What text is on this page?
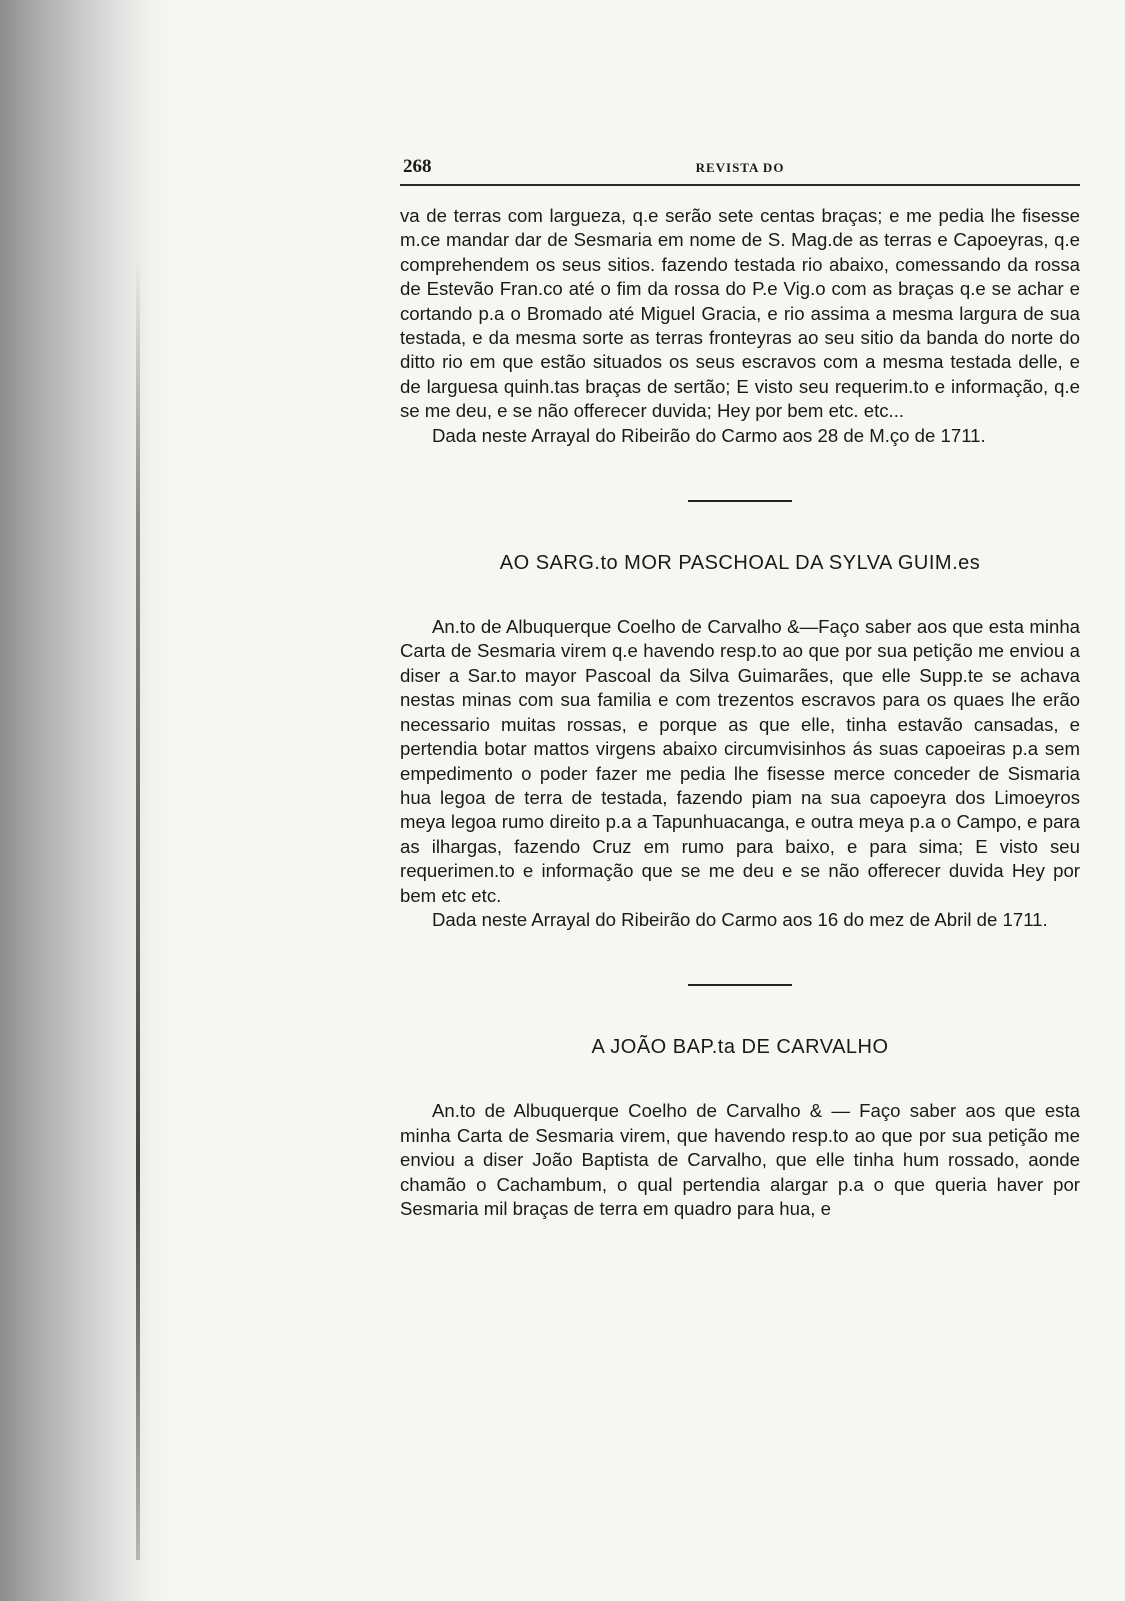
268	REVISTA DO

va de terras com largueza, q.e serão sete centas braças; e me pedia lhe fisesse m.ce mandar dar de Sesmaria em nome de S. Mag.de as terras e Capoeyras, q.e comprehendem os seus sitios. fazendo testada rio abaixo, comessando da rossa de Estevão Fran.co até o fim da rossa do P.e Vig.o com as braças q.e se achar e cortando p.a o Bromado até Miguel Gracia, e rio assima a mesma largura de sua testada, e da mesma sorte as terras fronteyras ao seu sitio da banda do norte do ditto rio em que estão situados os seus escravos com a mesma testada delle, e de larguesa quinh.tas braças de sertão; E visto seu requerim.to e informação, q.e se me deu, e se não offerecer duvida; Hey por bem etc. etc...

Dada neste Arrayal do Ribeirão do Carmo aos 28 de M.ço de 1711.

AO SARG.to MOR PASCHOAL DA SYLVA GUIM.es

An.to de Albuquerque Coelho de Carvalho &—Faço saber aos que esta minha Carta de Sesmaria virem q.e havendo resp.to ao que por sua petição me enviou a diser a Sar.to mayor Pascoal da Silva Guimarães, que elle Supp.te se achava nestas minas com sua familia e com trezentos escravos para os quaes lhe erão necessario muitas rossas, e porque as que elle, tinha estavão cansadas, e pertendia botar mattos virgens abaixo circumvisinhos ás suas capoeiras p.a sem empedimento o poder fazer me pedia lhe fisesse merce conceder de Sismaria hua legoa de terra de testada, fazendo piam na sua capoeyra dos Limoeyros meya legoa rumo direito p.a a Tapunhuacanga, e outra meya p.a o Campo, e para as ilhargas, fazendo Cruz em rumo para baixo, e para sima; E visto seu requerimen.to e informação que se me deu e se não offerecer duvida Hey por bem etc etc.

Dada neste Arrayal do Ribeirão do Carmo aos 16 do mez de Abril de 1711.

A JOÃO BAP.ta DE CARVALHO

An.to de Albuquerque Coelho de Carvalho & — Faço saber aos que esta minha Carta de Sesmaria virem, que havendo resp.to ao que por sua petição me enviou a diser João Baptista de Carvalho, que elle tinha hum rossado, aonde chamão o Cachambum, o qual pertendia alargar p.a o que queria haver por Sesmaria mil braças de terra em quadro para hua, e
